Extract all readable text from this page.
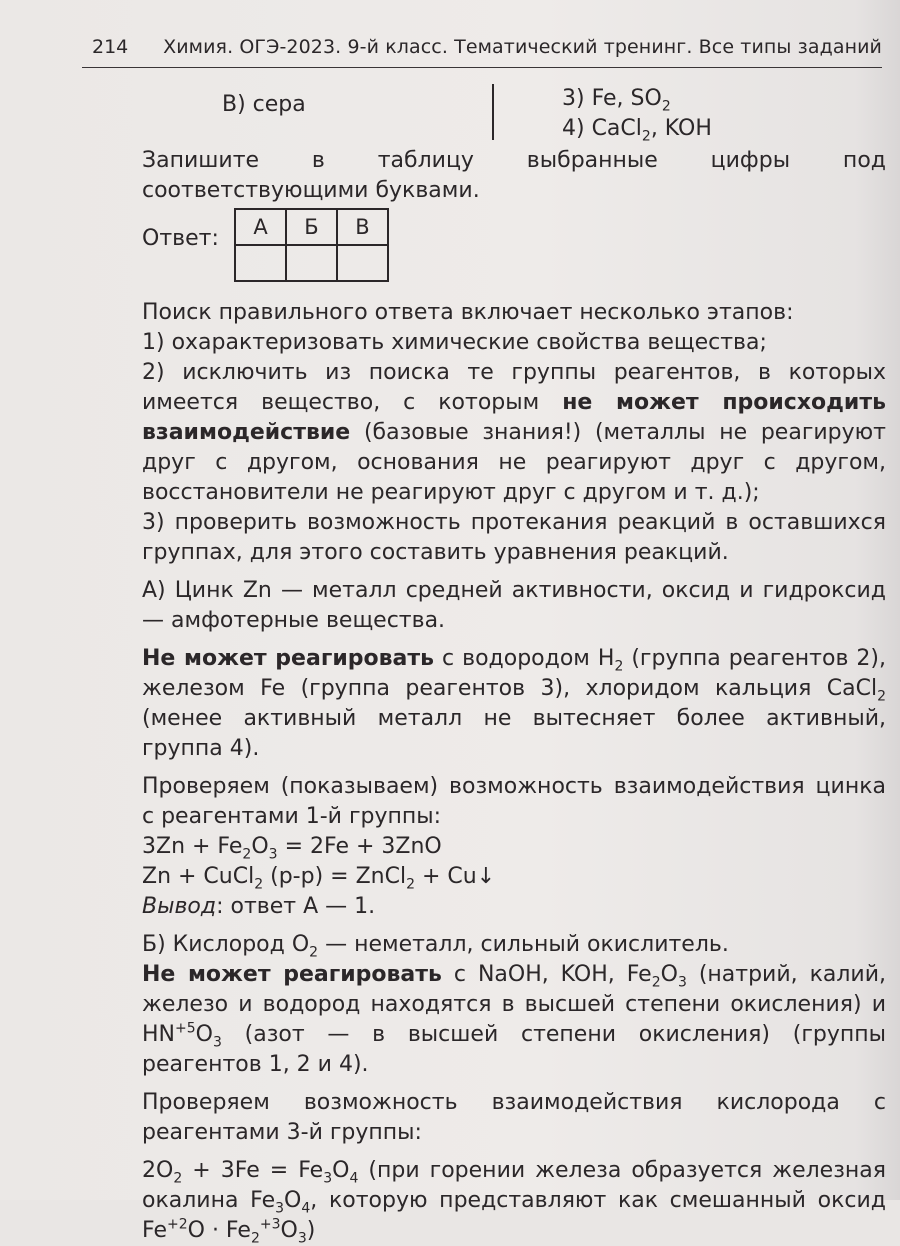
214 Химия. ОГЭ-2023. 9-й класс. Тематический тренинг. Все типы заданий
В) сера	3) Fe, $SO_2$
4) CaCl$_2$, KOH

Запишите в таблицу выбранные цифры под соответствующими буквами.

Ответ: А	Б	В

Поиск правильного ответа включает несколько этапов:

1) охарактеризовать химические свойства вещества;

2) исключить из поиска те группы реагентов, в которых имеется вещество, с которым не может происходить взаимодействие (базовые знания!) (металлы не реагируют друг с другом, основания не реагируют друг с другом, восстановители не реагируют друг с другом и т. д.);

3) проверить возможность протекания реакций в оставшихся группах, для этого составить уравнения реакций.

А) Цинк Zn — металл средней активности, оксид и гидроксид — амфотерные вещества.

Не может реагировать с водородом $H_2$ (группа реагентов 2), железом Fe (группа реагентов 3), хлоридом кальция CaCl$_2$ (менее активный металл не вытесняет более активный, группа 4).

Проверяем (показываем) возможность взаимодействия цинка с реагентами 1-й группы:

$3Zn + Fe_2O_3 = 2Fe + 3ZnO$

Zn + CuCl$_2$ (р-р) = ZnCl$_2$ + Cu↓

Вывод: ответ А — 1.

Б) Кислород $O_2$ — неметалл, сильный окислитель.

Не может реагировать с NaOH, KOH, $Fe_2O_3$ (натрий, калий, железо и водород находятся в высшей степени окисления) и $HN^{+5}O_3$ (азот — в высшей степени окисления) (группы реагентов 1, 2 и 4).

Проверяем возможность взаимодействия кислорода с реагентами 3-й группы:

$2O_2 + 3Fe = Fe_3O_4$ (при горении железа образуется железная окалина $Fe_3O_4$, которую представляют как смешанный оксид $Fe^{+2}O \cdot Fe_2^{+3}O_3$)
